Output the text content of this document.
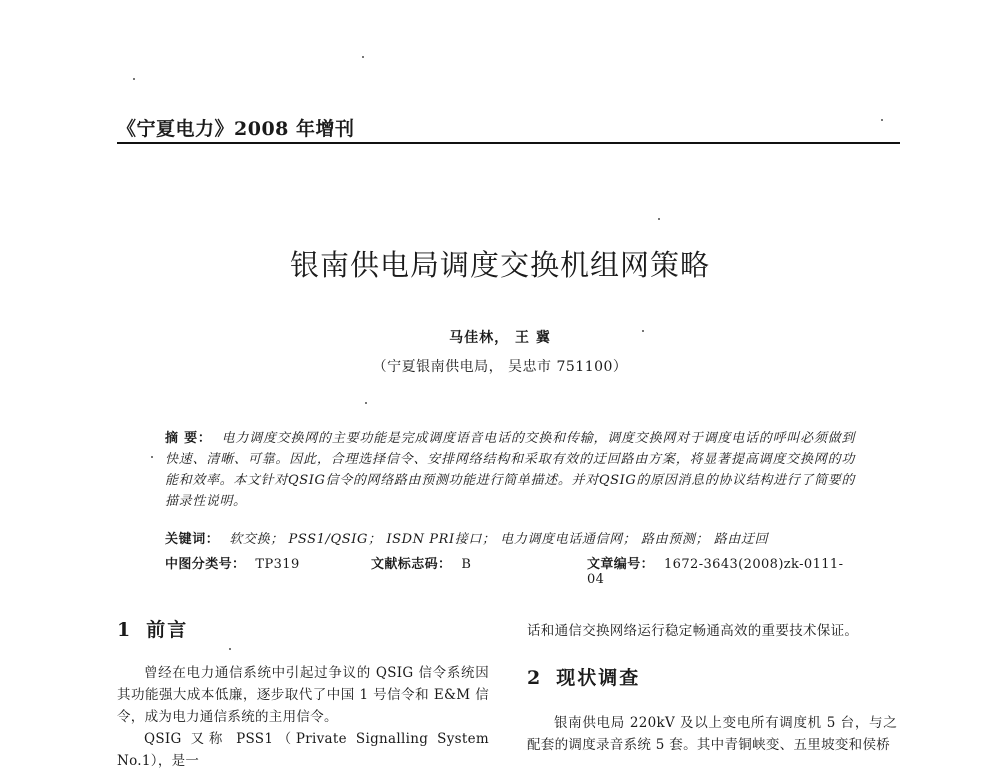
《宁夏电力》2008 年增刊
银南供电局调度交换机组网策略
马佳林， 王 冀
（宁夏银南供电局， 吴忠市 751100）
摘 要： 电力调度交换网的主要功能是完成调度语音电话的交换和传输，调度交换网对于调度电话的呼叫必须做到快速、清晰、可靠。因此，合理选择信令、安排网络结构和采取有效的迂回路由方案，将显著提高调度交换网的功能和效率。本文针对QSIG信令的网络路由预测功能进行简单描述。并对QSIG的原因消息的协议结构进行了简要的描录性说明。
关键词： 软交换； PSS1/QSIG； ISDN PRI接口； 电力调度电话通信网； 路由预测； 路由迂回
中图分类号： TP319	文献标志码： B	文章编号： 1672-3643(2008)zk-0111-04
1 前言

曾经在电力通信系统中引起过争议的 QSIG 信令系统因其功能强大成本低廉，逐步取代了中国 1 号信令和 E&M 信令，成为电力通信系统的主用信令。

QSIG 又称 PSS1（Private Signalling System No.1），是一

话和通信交换网络运行稳定畅通高效的重要技术保证。

2 现状调查

银南供电局 220kV 及以上变电所有调度机 5 台，与之配套的调度录音系统 5 套。其中青铜峡变、五里坡变和侯桥
